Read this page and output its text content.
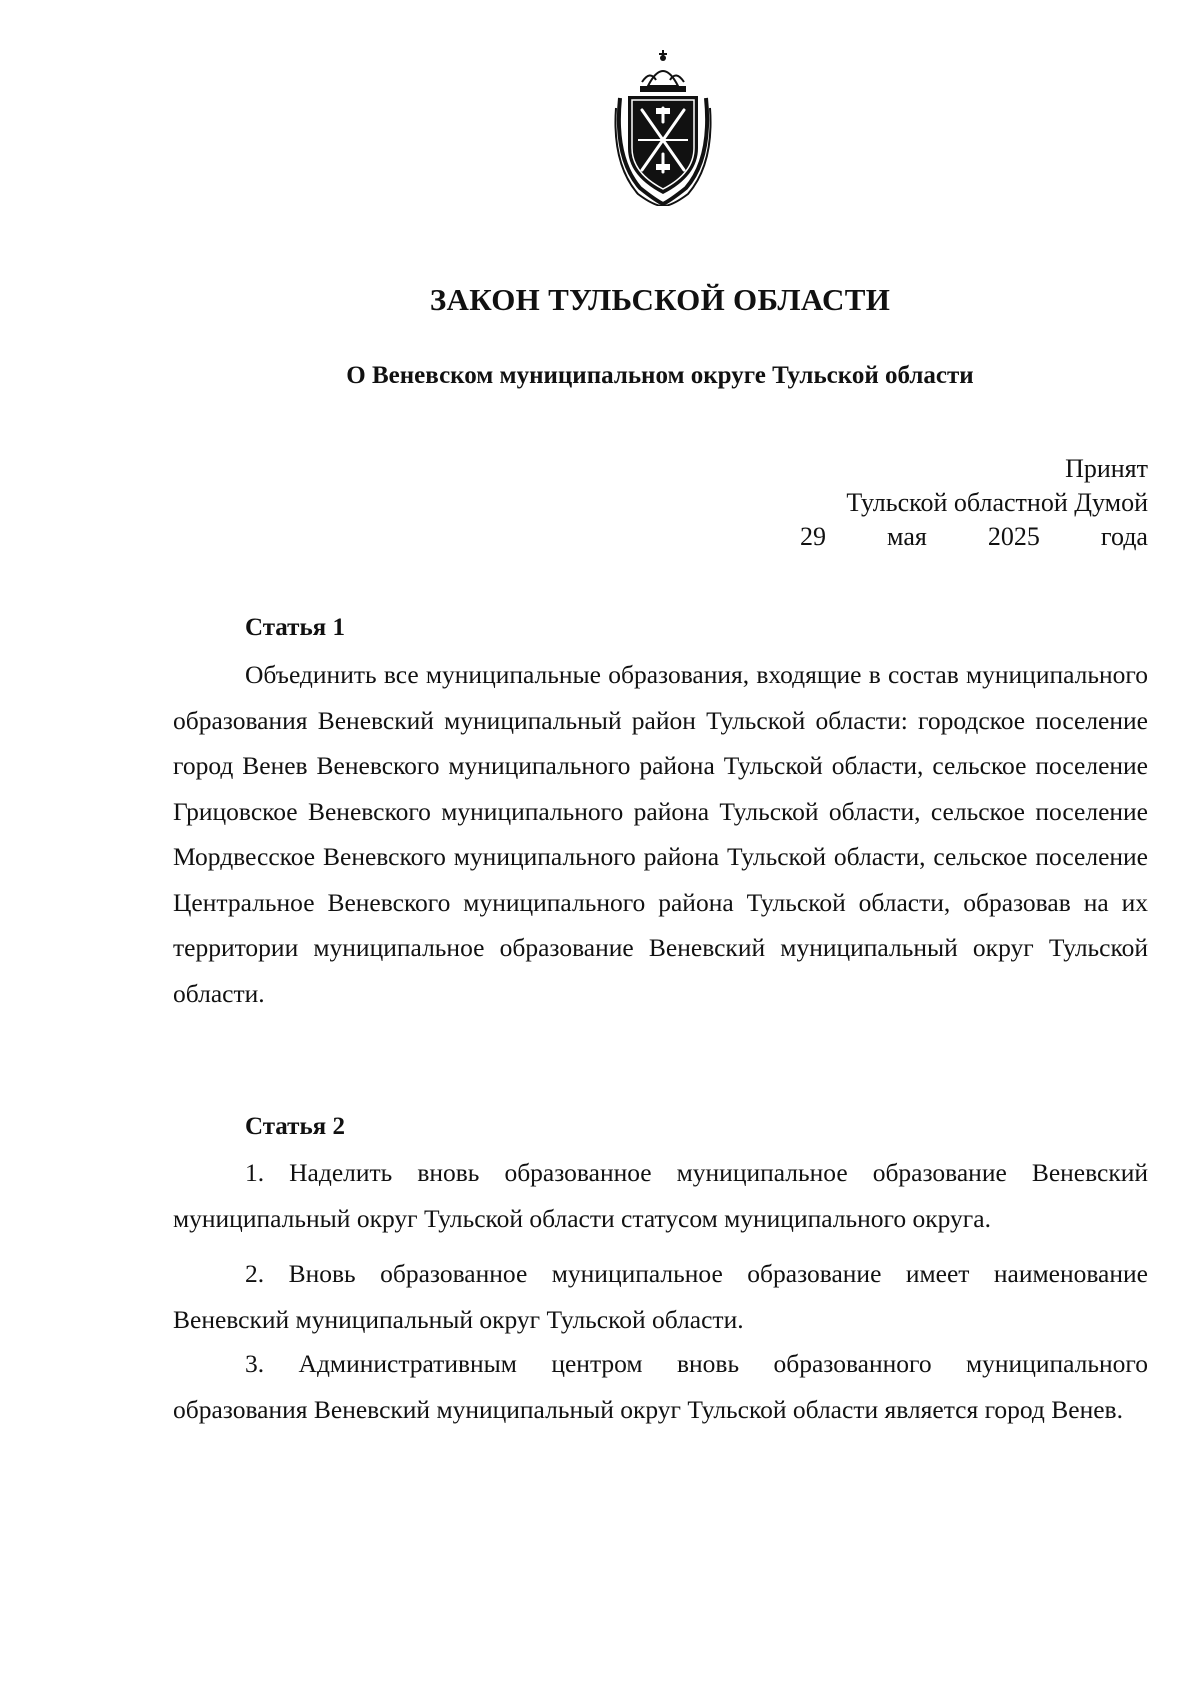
ЗАКОН ТУЛЬСКОЙ ОБЛАСТИ
О Веневском муниципальном округе Тульской области
Принят
Тульской областной Думой
29 мая 2025 года
Статья 1

Объединить все муниципальные образования, входящие в состав муниципального образования Веневский муниципальный район Тульской области: городское поселение город Венев Веневского муниципального района Тульской области, сельское поселение Грицовское Веневского муниципального района Тульской области, сельское поселение Мордвесское Веневского муниципального района Тульской области, сельское поселение Центральное Веневского муниципального района Тульской области, образовав на их территории муниципальное образование Веневский муниципальный округ Тульской области.

Статья 2

1. Наделить вновь образованное муниципальное образование Веневский муниципальный округ Тульской области статусом муниципального округа.

2. Вновь образованное муниципальное образование имеет наименование Веневский муниципальный округ Тульской области.

3. Административным центром вновь образованного муниципального образования Веневский муниципальный округ Тульской области является город Венев.
